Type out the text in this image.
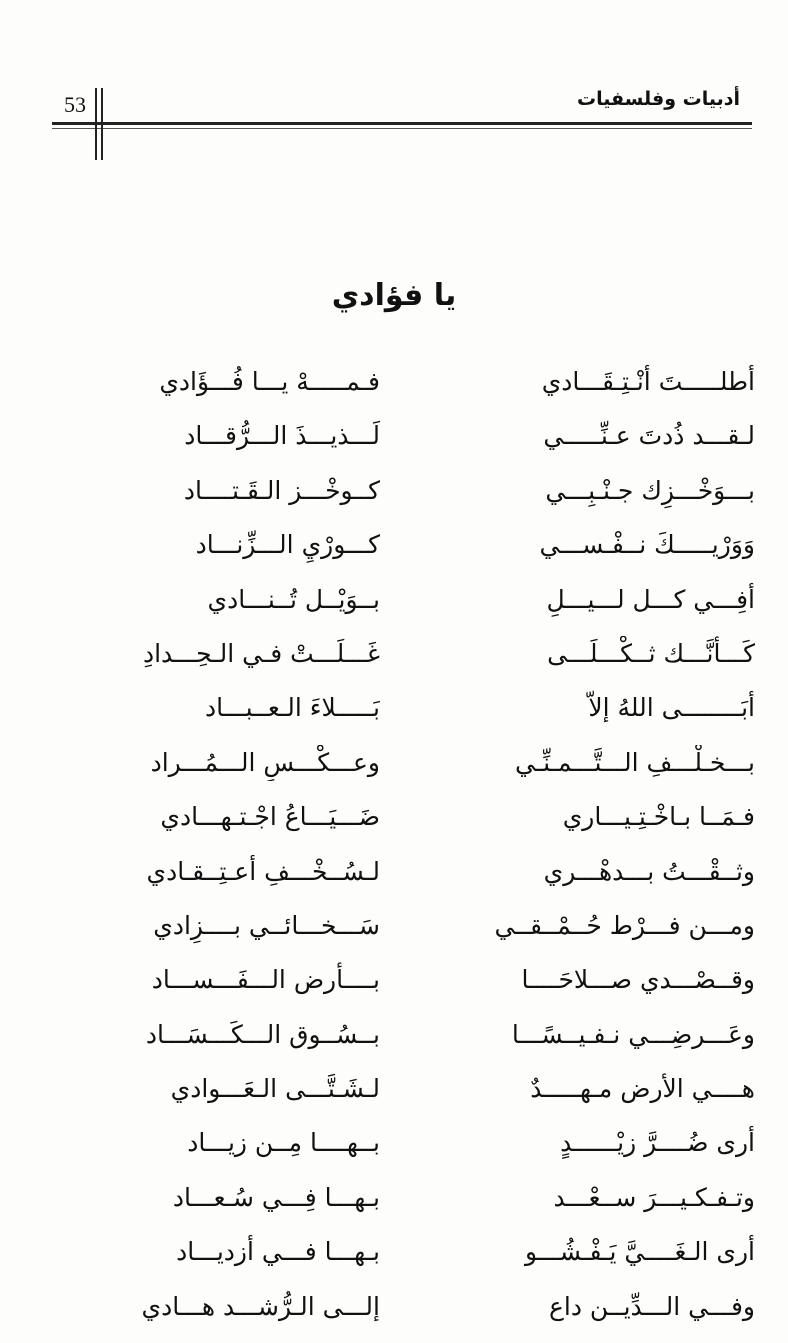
53	أدبيات وفلسفيات
يا فؤادي
أطلـــــتَ أنْـتِـقَـــادي
فـمـــــهْ يـــا فُـــؤَادي
لـقـــد ذُدتَ عـنِّـــــي
لَـــذيـــذَ الـــرُّقـــاد
بـــوَخْـــزِك جـنْـبِـــي
كــوخْـــز الـقَـتــــاد
وَوَرْيـــــكَ نــفْـســـي
كـــورْيِ الـــزِّنـــاد
أفِـــي كـــل لـــيـــلِ
بــوَيْــل تُــنـــادي
كَـــأنَّـــك ثــكْـــلَـــى
غَـــلَـــتْ فـي الـحِـــدادِ
أبَــــــــى اللهُ إلاَّ
بَـــــلاءَ الـعــبـــاد
بـــخـلْـــفِ الـــتَّـــمـنِّـي
وعـــكْـــسِ الـــمُـــراد
فـمَــا بـاخْـتِـيـــاري
ضَـــيَـــاعُ اجْـتـهـــادي
وثــقْـــتُ بـــدهْـــري
لـسُــخْـــفِ أعـتِــقـادي
ومـــن فـــرْط حُــمْــقــي
سَـــخـــائــي بــــزِادي
وقــصْـــدي صـــلاحَــــا
بــــأرض الـــفَـــســـاد
وعَـــرضِـــي نـفـيــسًـــا
بــسُــوق الـــكَـــسَـــاد
هــــي الأرض مـهـــــدٌ
لـشَـتَّـــى الـعَـــوادي
أرى ضُــــرَّ زيْــــــدٍ
بــهــــا مِــن زيـــاد
وتـفـكـيـــرَ ســعْـــد
بـهـــا فِـــي سُـعـــاد
أرى الـغَــــيَّ يَـفْـشُـــو
بـهـــا فـــي أزديـــاد
وفـــي الـــدِّيــن داع
إلـــى الـرُّشـــد هـــادي
